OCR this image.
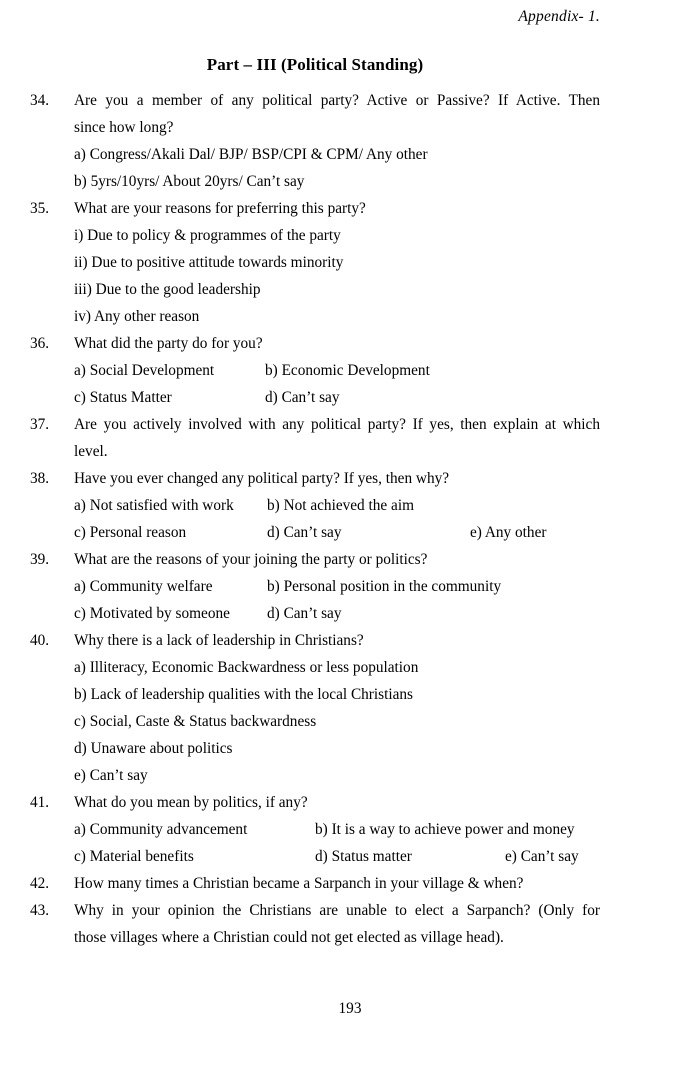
Appendix- 1.
Part – III (Political Standing)
34.	Are you a member of any political party? Active or Passive? If Active. Then
since how long?
a) Congress/Akali Dal/ BJP/ BSP/CPI & CPM/ Any other
b) 5yrs/10yrs/ About 20yrs/ Can’t say
35.	What are your reasons for preferring this party?
i) Due to policy & programmes of the party
ii) Due to positive attitude towards minority
iii) Due to the good leadership
iv) Any other reason
36.	What did the party do for you?
a) Social Development	b) Economic Development
c) Status Matter	d) Can’t say
37.	Are you actively involved with any political party? If yes, then explain at which
level.
38.	Have you ever changed any political party? If yes, then why?
a) Not satisfied with work b) Not achieved the aim
c) Personal reason	d) Can’t say	e) Any other
39.	What are the reasons of your joining the party or politics?
a) Community welfare	b) Personal position in the community
c) Motivated by someone d) Can’t say
40.	Why there is a lack of leadership in Christians?
a) Illiteracy, Economic Backwardness or less population
b) Lack of leadership qualities with the local Christians
c) Social, Caste & Status backwardness
d) Unaware about politics
e) Can’t say
41.	What do you mean by politics, if any?
a) Community advancement	b) It is a way to achieve power and money
c) Material benefits	d) Status matter	e) Can’t say
42.	How many times a Christian became a Sarpanch in your village & when?
43.	Why in your opinion the Christians are unable to elect a Sarpanch? (Only for
those villages where a Christian could not get elected as village head).
193
